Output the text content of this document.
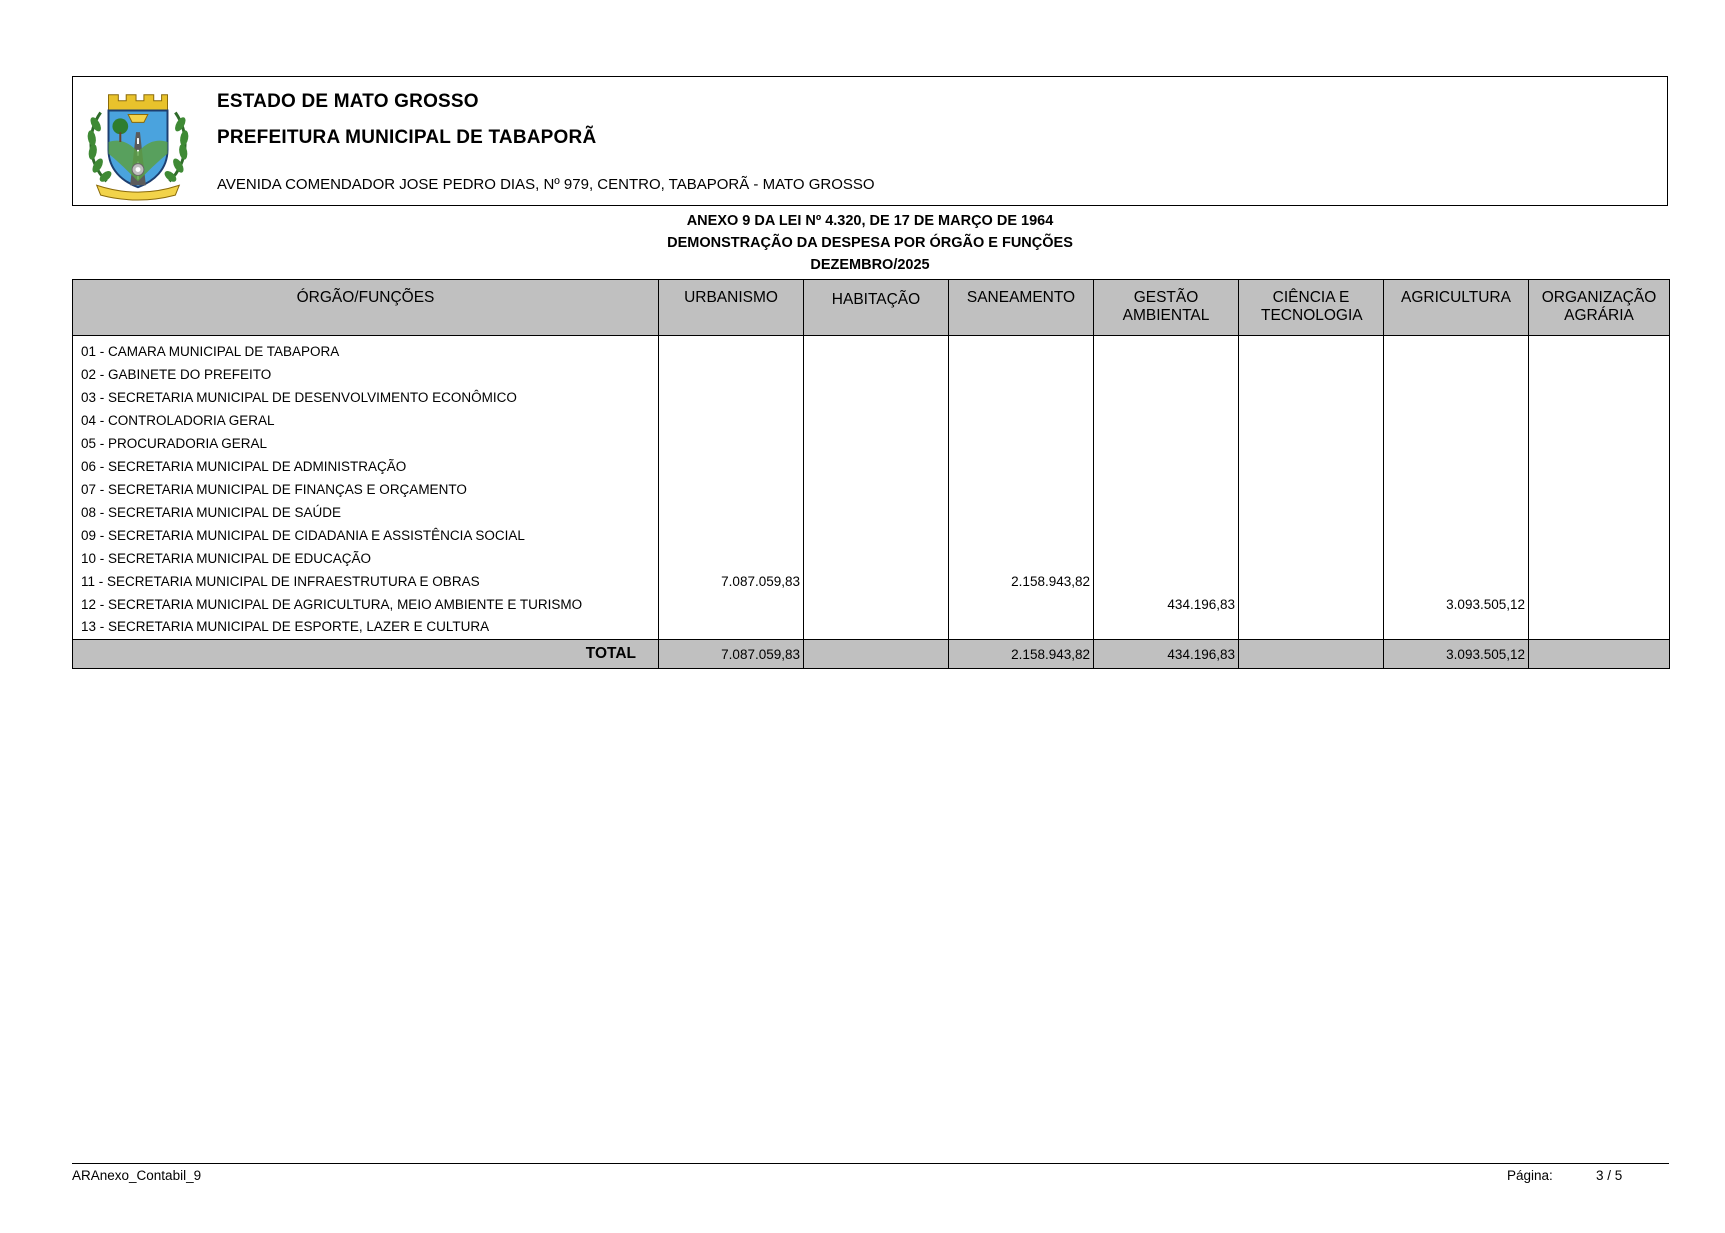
ESTADO DE MATO GROSSO
PREFEITURA MUNICIPAL DE TABAPORÃ
AVENIDA COMENDADOR JOSE PEDRO DIAS, Nº 979, CENTRO, TABAPORÃ - MATO GROSSO
ANEXO 9 DA LEI Nº 4.320, DE 17 DE MARÇO DE 1964
DEMONSTRAÇÃO DA DESPESA POR ÓRGÃO E FUNÇÕES
DEZEMBRO/2025
ÓRGÃO/FUNÇÕES	URBANISMO	HABITAÇÃO	SANEAMENTO	GESTÃO AMBIENTAL	CIÊNCIA E TECNOLOGIA	AGRICULTURA	ORGANIZAÇÃO AGRÁRIA
01 - CAMARA MUNICIPAL DE TABAPORA							
02 - GABINETE DO PREFEITO							
03 - SECRETARIA MUNICIPAL DE DESENVOLVIMENTO ECONÔMICO							
04 - CONTROLADORIA GERAL							
05 - PROCURADORIA GERAL							
06 - SECRETARIA MUNICIPAL DE ADMINISTRAÇÃO							
07 - SECRETARIA MUNICIPAL DE FINANÇAS E ORÇAMENTO							
08 - SECRETARIA MUNICIPAL DE SAÚDE							
09 - SECRETARIA MUNICIPAL DE CIDADANIA E ASSISTÊNCIA SOCIAL							
10 - SECRETARIA MUNICIPAL DE EDUCAÇÃO							
11 - SECRETARIA MUNICIPAL DE INFRAESTRUTURA E OBRAS	7.087.059,83		2.158.943,82				
12 - SECRETARIA MUNICIPAL DE AGRICULTURA, MEIO AMBIENTE E TURISMO				434.196,83		3.093.505,12	
13 - SECRETARIA MUNICIPAL DE ESPORTE, LAZER E CULTURA							
TOTAL	7.087.059,83		2.158.943,82	434.196,83		3.093.505,12	
ARAnexo_Contabil_9	Página:	3 / 5
